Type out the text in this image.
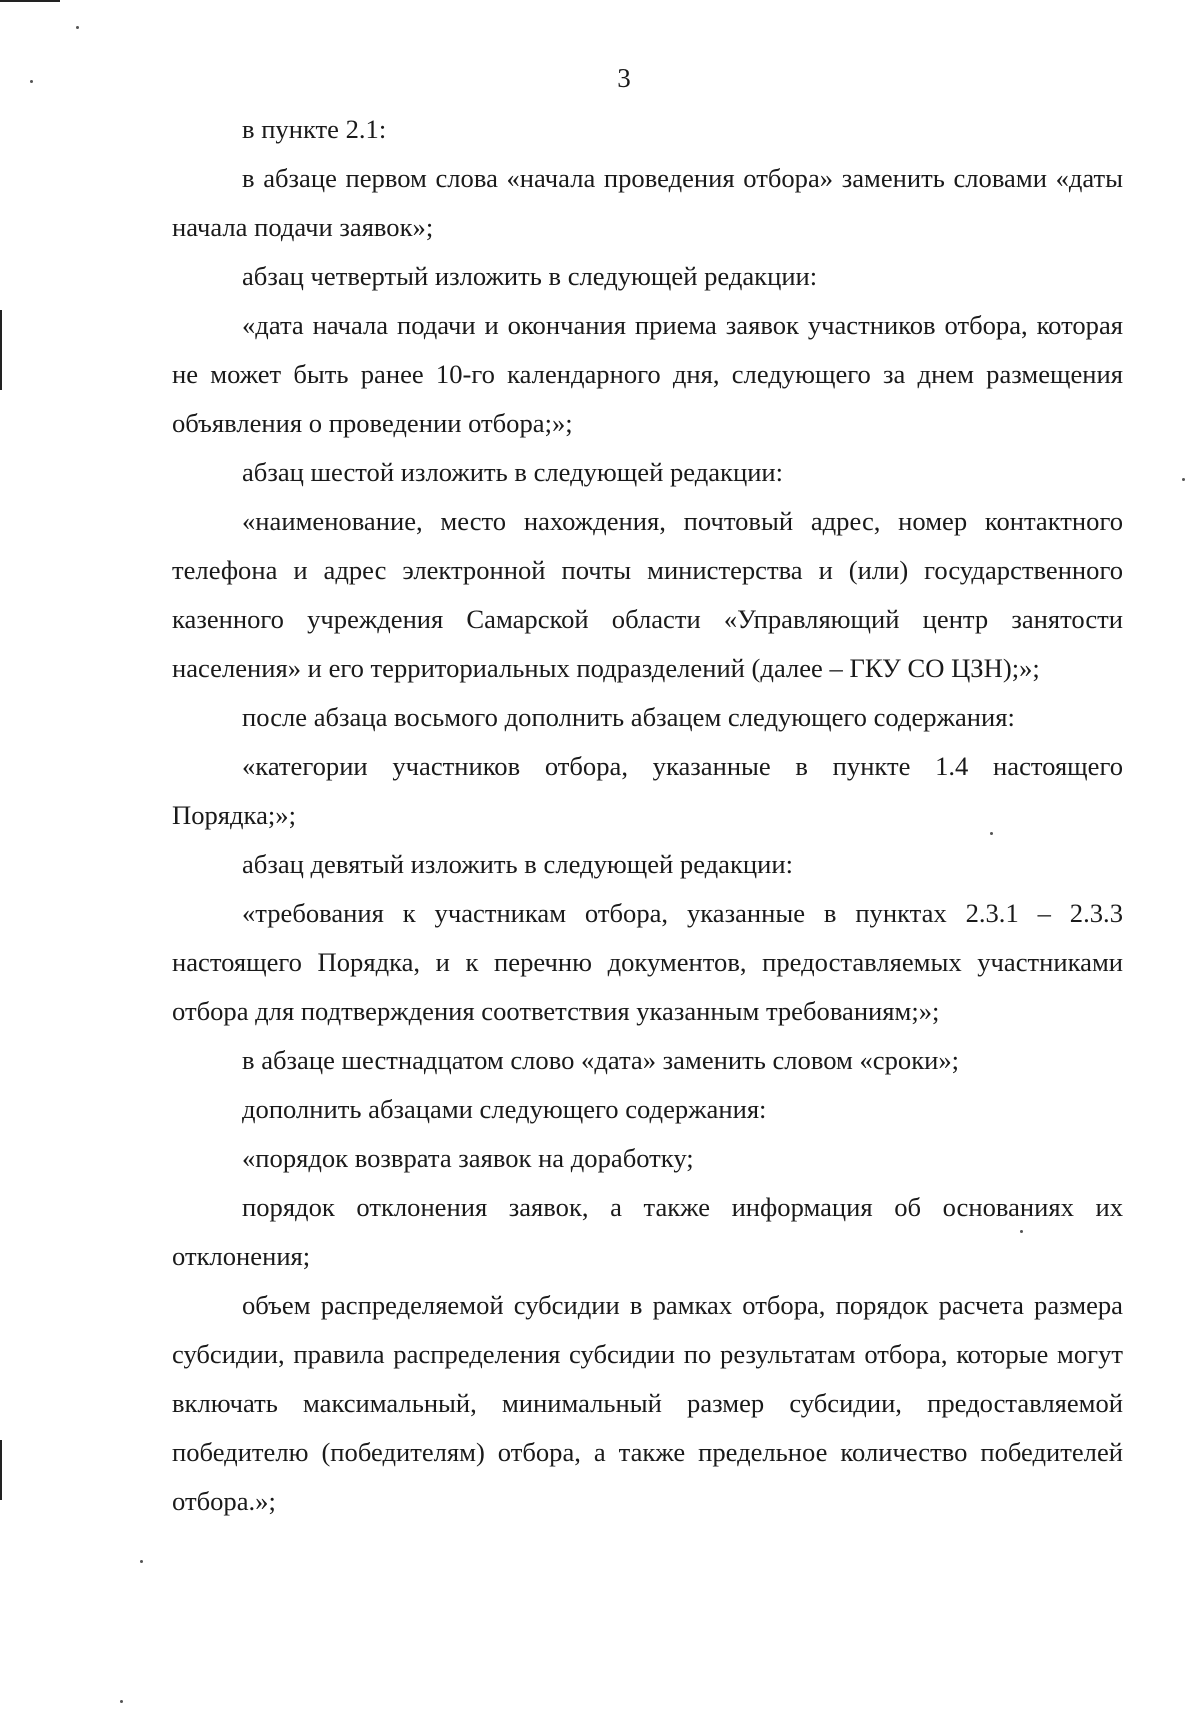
3

в пункте 2.1:

в абзаце первом слова «начала проведения отбора» заменить словами «даты начала подачи заявок»;

абзац четвертый изложить в следующей редакции:

«дата начала подачи и окончания приема заявок участников отбора, которая не может быть ранее 10-го календарного дня, следующего за днем размещения объявления о проведении отбора;»;

абзац шестой изложить в следующей редакции:

«наименование, место нахождения, почтовый адрес, номер контактного телефона и адрес электронной почты министерства и (или) государственного казенного учреждения Самарской области «Управляющий центр занятости населения» и его территориальных подразделений (далее – ГКУ СО ЦЗН);»;

после абзаца восьмого дополнить абзацем следующего содержания:

«категории участников отбора, указанные в пункте 1.4 настоящего Порядка;»;

абзац девятый изложить в следующей редакции:

«требования к участникам отбора, указанные в пунктах 2.3.1 – 2.3.3 настоящего Порядка, и к перечню документов, предоставляемых участниками отбора для подтверждения соответствия указанным требованиям;»;

в абзаце шестнадцатом слово «дата» заменить словом «сроки»;

дополнить абзацами следующего содержания:

«порядок возврата заявок на доработку;

порядок отклонения заявок, а также информация об основаниях их отклонения;

объем распределяемой субсидии в рамках отбора, порядок расчета размера субсидии, правила распределения субсидии по результатам отбора, которые могут включать максимальный, минимальный размер субсидии, предоставляемой победителю (победителям) отбора, а также предельное количество победителей отбора.»;
